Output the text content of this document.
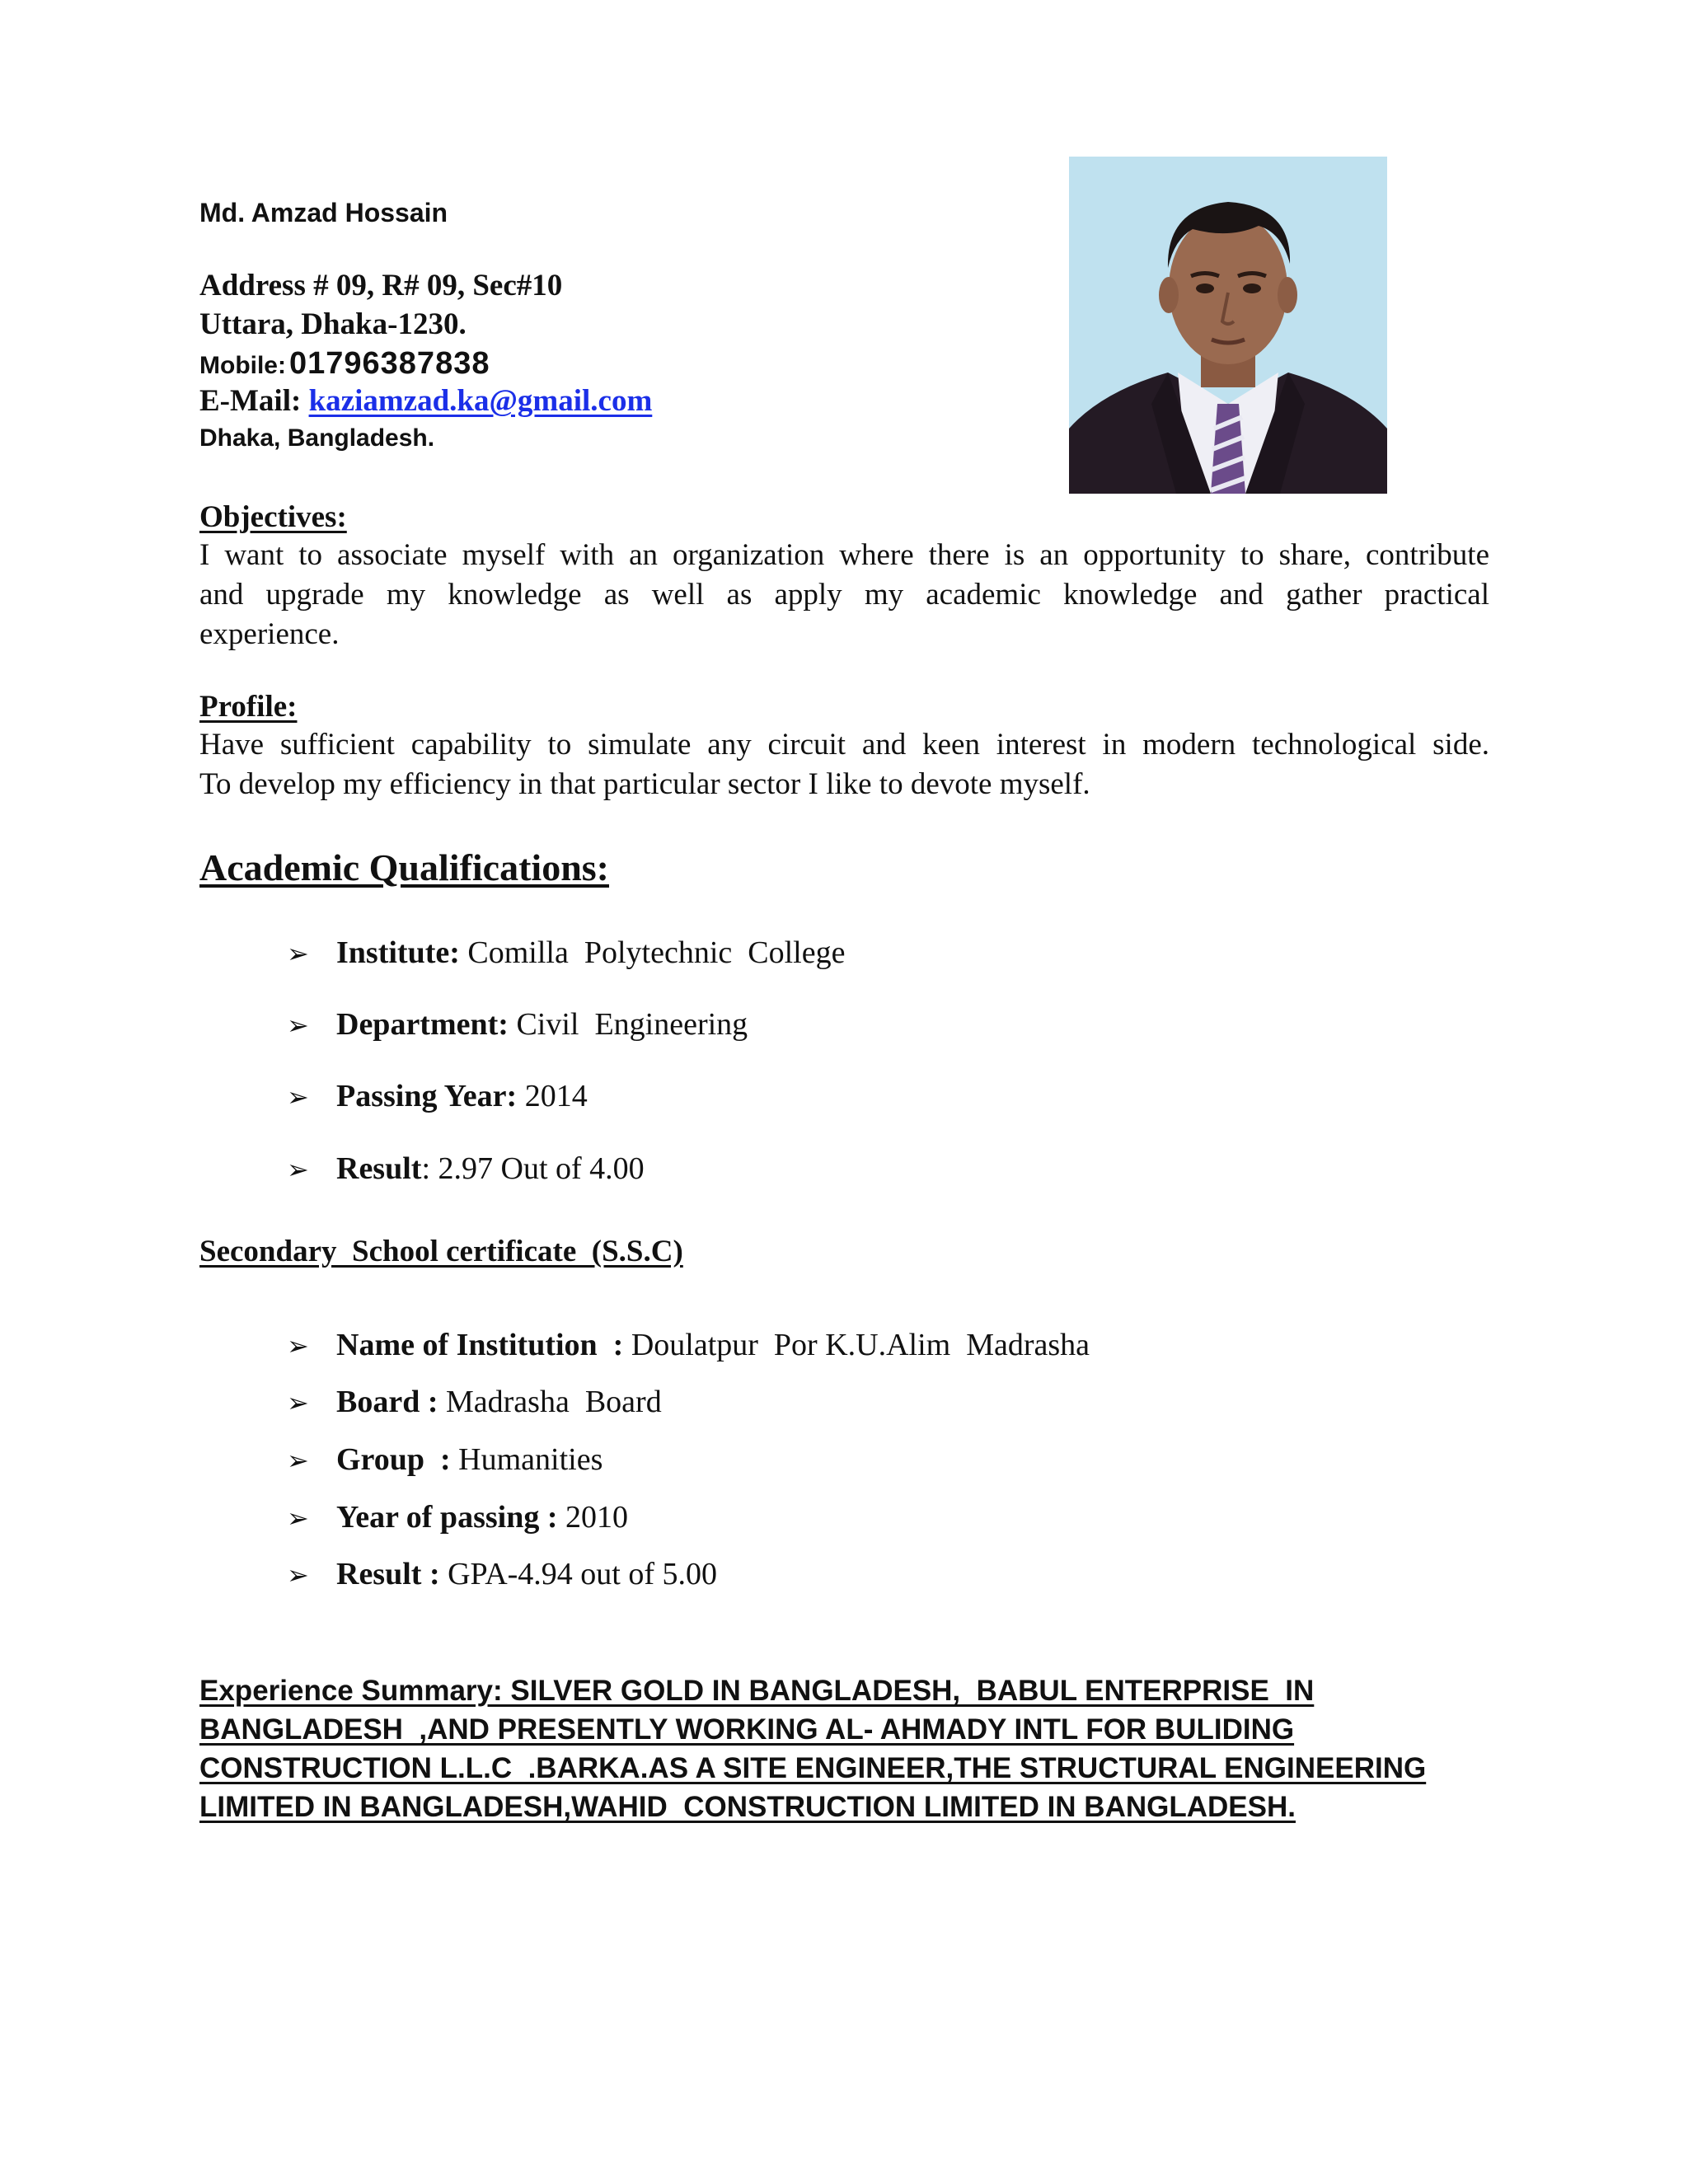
Md. Amzad Hossain
Address # 09, R# 09, Sec#10
Uttara, Dhaka-1230.
Mobile: 01796387838
E-Mail: kaziamzad.ka@gmail.com
Dhaka, Bangladesh.
Objectives:
I want to associate myself with an organization where there is an opportunity to share, contribute
and upgrade my knowledge as well as apply my academic knowledge and gather practical
experience.
Profile:
Have sufficient capability to simulate any circuit and keen interest in modern technological side.
To develop my efficiency in that particular sector I like to devote myself.
Academic Qualifications:
➢ Institute: Comilla  Polytechnic  College
➢ Department: Civil  Engineering
➢ Passing Year: 2014
➢ Result : 2.97 Out of 4.00
Secondary  School certificate  (S.S.C)
➢ Name of Institution  : Doulatpur  Por K.U.Alim  Madrasha
➢ Board : Madrasha  Board
➢ Group  : Humanities
➢ Year of passing : 2010
➢ Result : GPA-4.94 out of 5.00
Experience Summary: SILVER GOLD IN BANGLADESH,  BABUL ENTERPRISE  IN
BANGLADESH  ,AND PRESENTLY WORKING AL- AHMADY INTL FOR BULIDING
CONSTRUCTION L.L.C  .BARKA.AS A SITE ENGINEER,THE STRUCTURAL ENGINEERING
LIMITED IN BANGLADESH,WAHID  CONSTRUCTION LIMITED IN BANGLADESH.
